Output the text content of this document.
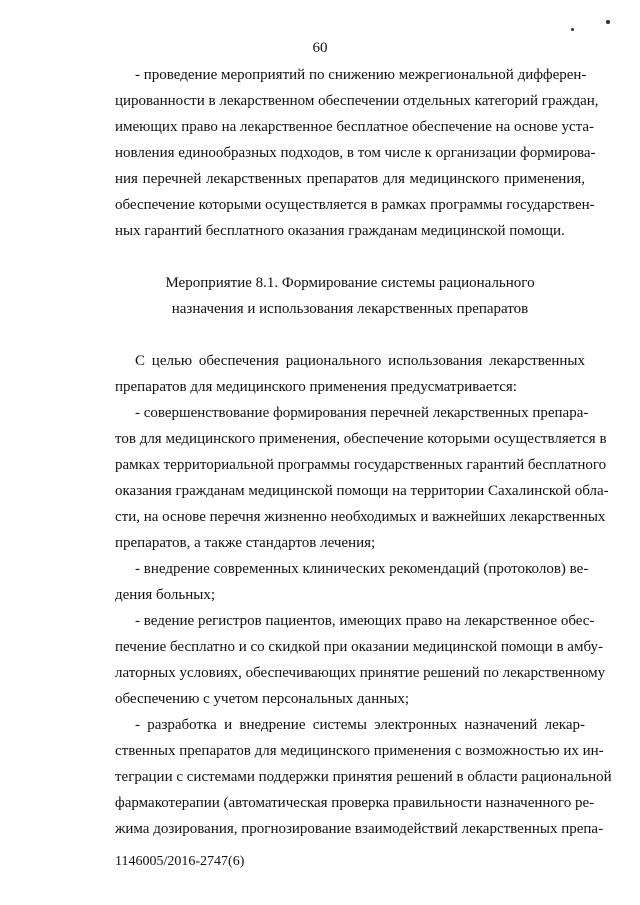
60
- проведение мероприятий по снижению межрегиональной дифферен-
цированности в лекарственном обеспечении отдельных категорий граждан,
имеющих право на лекарственное бесплатное обеспечение на основе уста-
новления единообразных подходов, в том числе к организации формирова-
ния перечней лекарственных препаратов для медицинского применения,
обеспечение которыми осуществляется в рамках программы государствен-
ных гарантий бесплатного оказания гражданам медицинской помощи.
Мероприятие 8.1. Формирование системы рационального
назначения и использования лекарственных препаратов
С целью обеспечения рационального использования лекарственных
препаратов для медицинского применения предусматривается:
- совершенствование формирования перечней лекарственных препара-
тов для медицинского применения, обеспечение которыми осуществляется в
рамках территориальной программы государственных гарантий бесплатного
оказания гражданам медицинской помощи на территории Сахалинской обла-
сти, на основе перечня жизненно необходимых и важнейших лекарственных
препаратов, а также стандартов лечения;
- внедрение современных клинических рекомендаций (протоколов) ве-
дения больных;
- ведение регистров пациентов, имеющих право на лекарственное обес-
печение бесплатно и со скидкой при оказании медицинской помощи в амбу-
латорных условиях, обеспечивающих принятие решений по лекарственному
обеспечению с учетом персональных данных;
- разработка и внедрение системы электронных назначений лекар-
ственных препаратов для медицинского применения с возможностью их ин-
теграции с системами поддержки принятия решений в области рациональной
фармакотерапии (автоматическая проверка правильности назначенного ре-
жима дозирования, прогнозирование взаимодействий лекарственных препа-
1146005/2016-2747(6)
